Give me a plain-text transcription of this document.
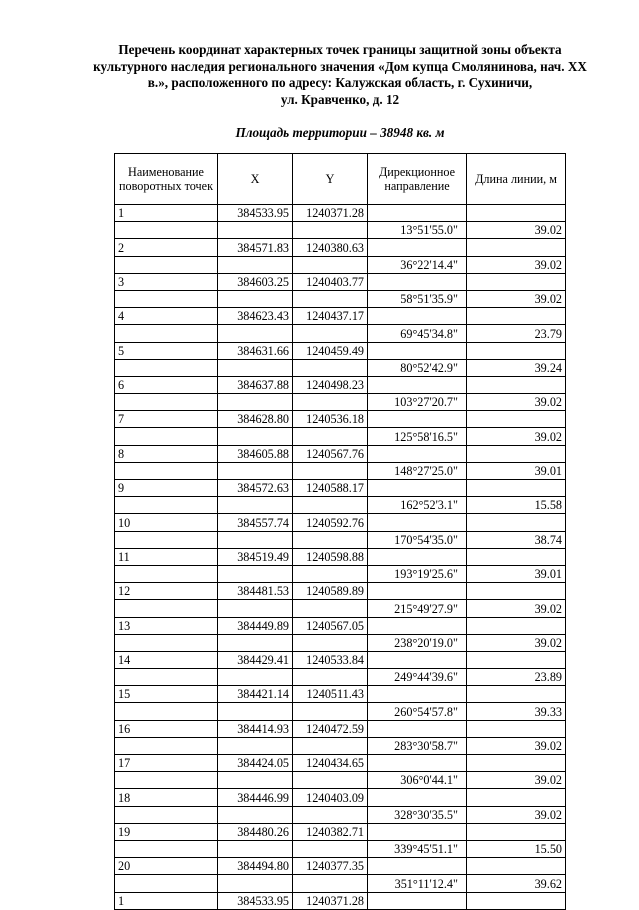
Перечень координат характерных точек границы защитной зоны объекта
культурного наследия регионального значения «Дом купца Смолянинова, нач. XX
в.», расположенного по адресу: Калужская область, г. Сухиничи,
ул. Кравченко, д. 12
Площадь территории – 38948 кв. м
Наименование поворотных точек	X	Y	Дирекционное направление	Длина линии, м
1	384533.95	1240371.28		
			13°51'55.0"	39.02
2	384571.83	1240380.63		
			36°22'14.4"	39.02
3	384603.25	1240403.77		
			58°51'35.9"	39.02
4	384623.43	1240437.17		
			69°45'34.8"	23.79
5	384631.66	1240459.49		
			80°52'42.9"	39.24
6	384637.88	1240498.23		
			103°27'20.7"	39.02
7	384628.80	1240536.18		
			125°58'16.5"	39.02
8	384605.88	1240567.76		
			148°27'25.0"	39.01
9	384572.63	1240588.17		
			162°52'3.1"	15.58
10	384557.74	1240592.76		
			170°54'35.0"	38.74
11	384519.49	1240598.88		
			193°19'25.6"	39.01
12	384481.53	1240589.89		
			215°49'27.9"	39.02
13	384449.89	1240567.05		
			238°20'19.0"	39.02
14	384429.41	1240533.84		
			249°44'39.6"	23.89
15	384421.14	1240511.43		
			260°54'57.8"	39.33
16	384414.93	1240472.59		
			283°30'58.7"	39.02
17	384424.05	1240434.65		
			306°0'44.1"	39.02
18	384446.99	1240403.09		
			328°30'35.5"	39.02
19	384480.26	1240382.71		
			339°45'51.1"	15.50
20	384494.80	1240377.35		
			351°11'12.4"	39.62
1	384533.95	1240371.28		
